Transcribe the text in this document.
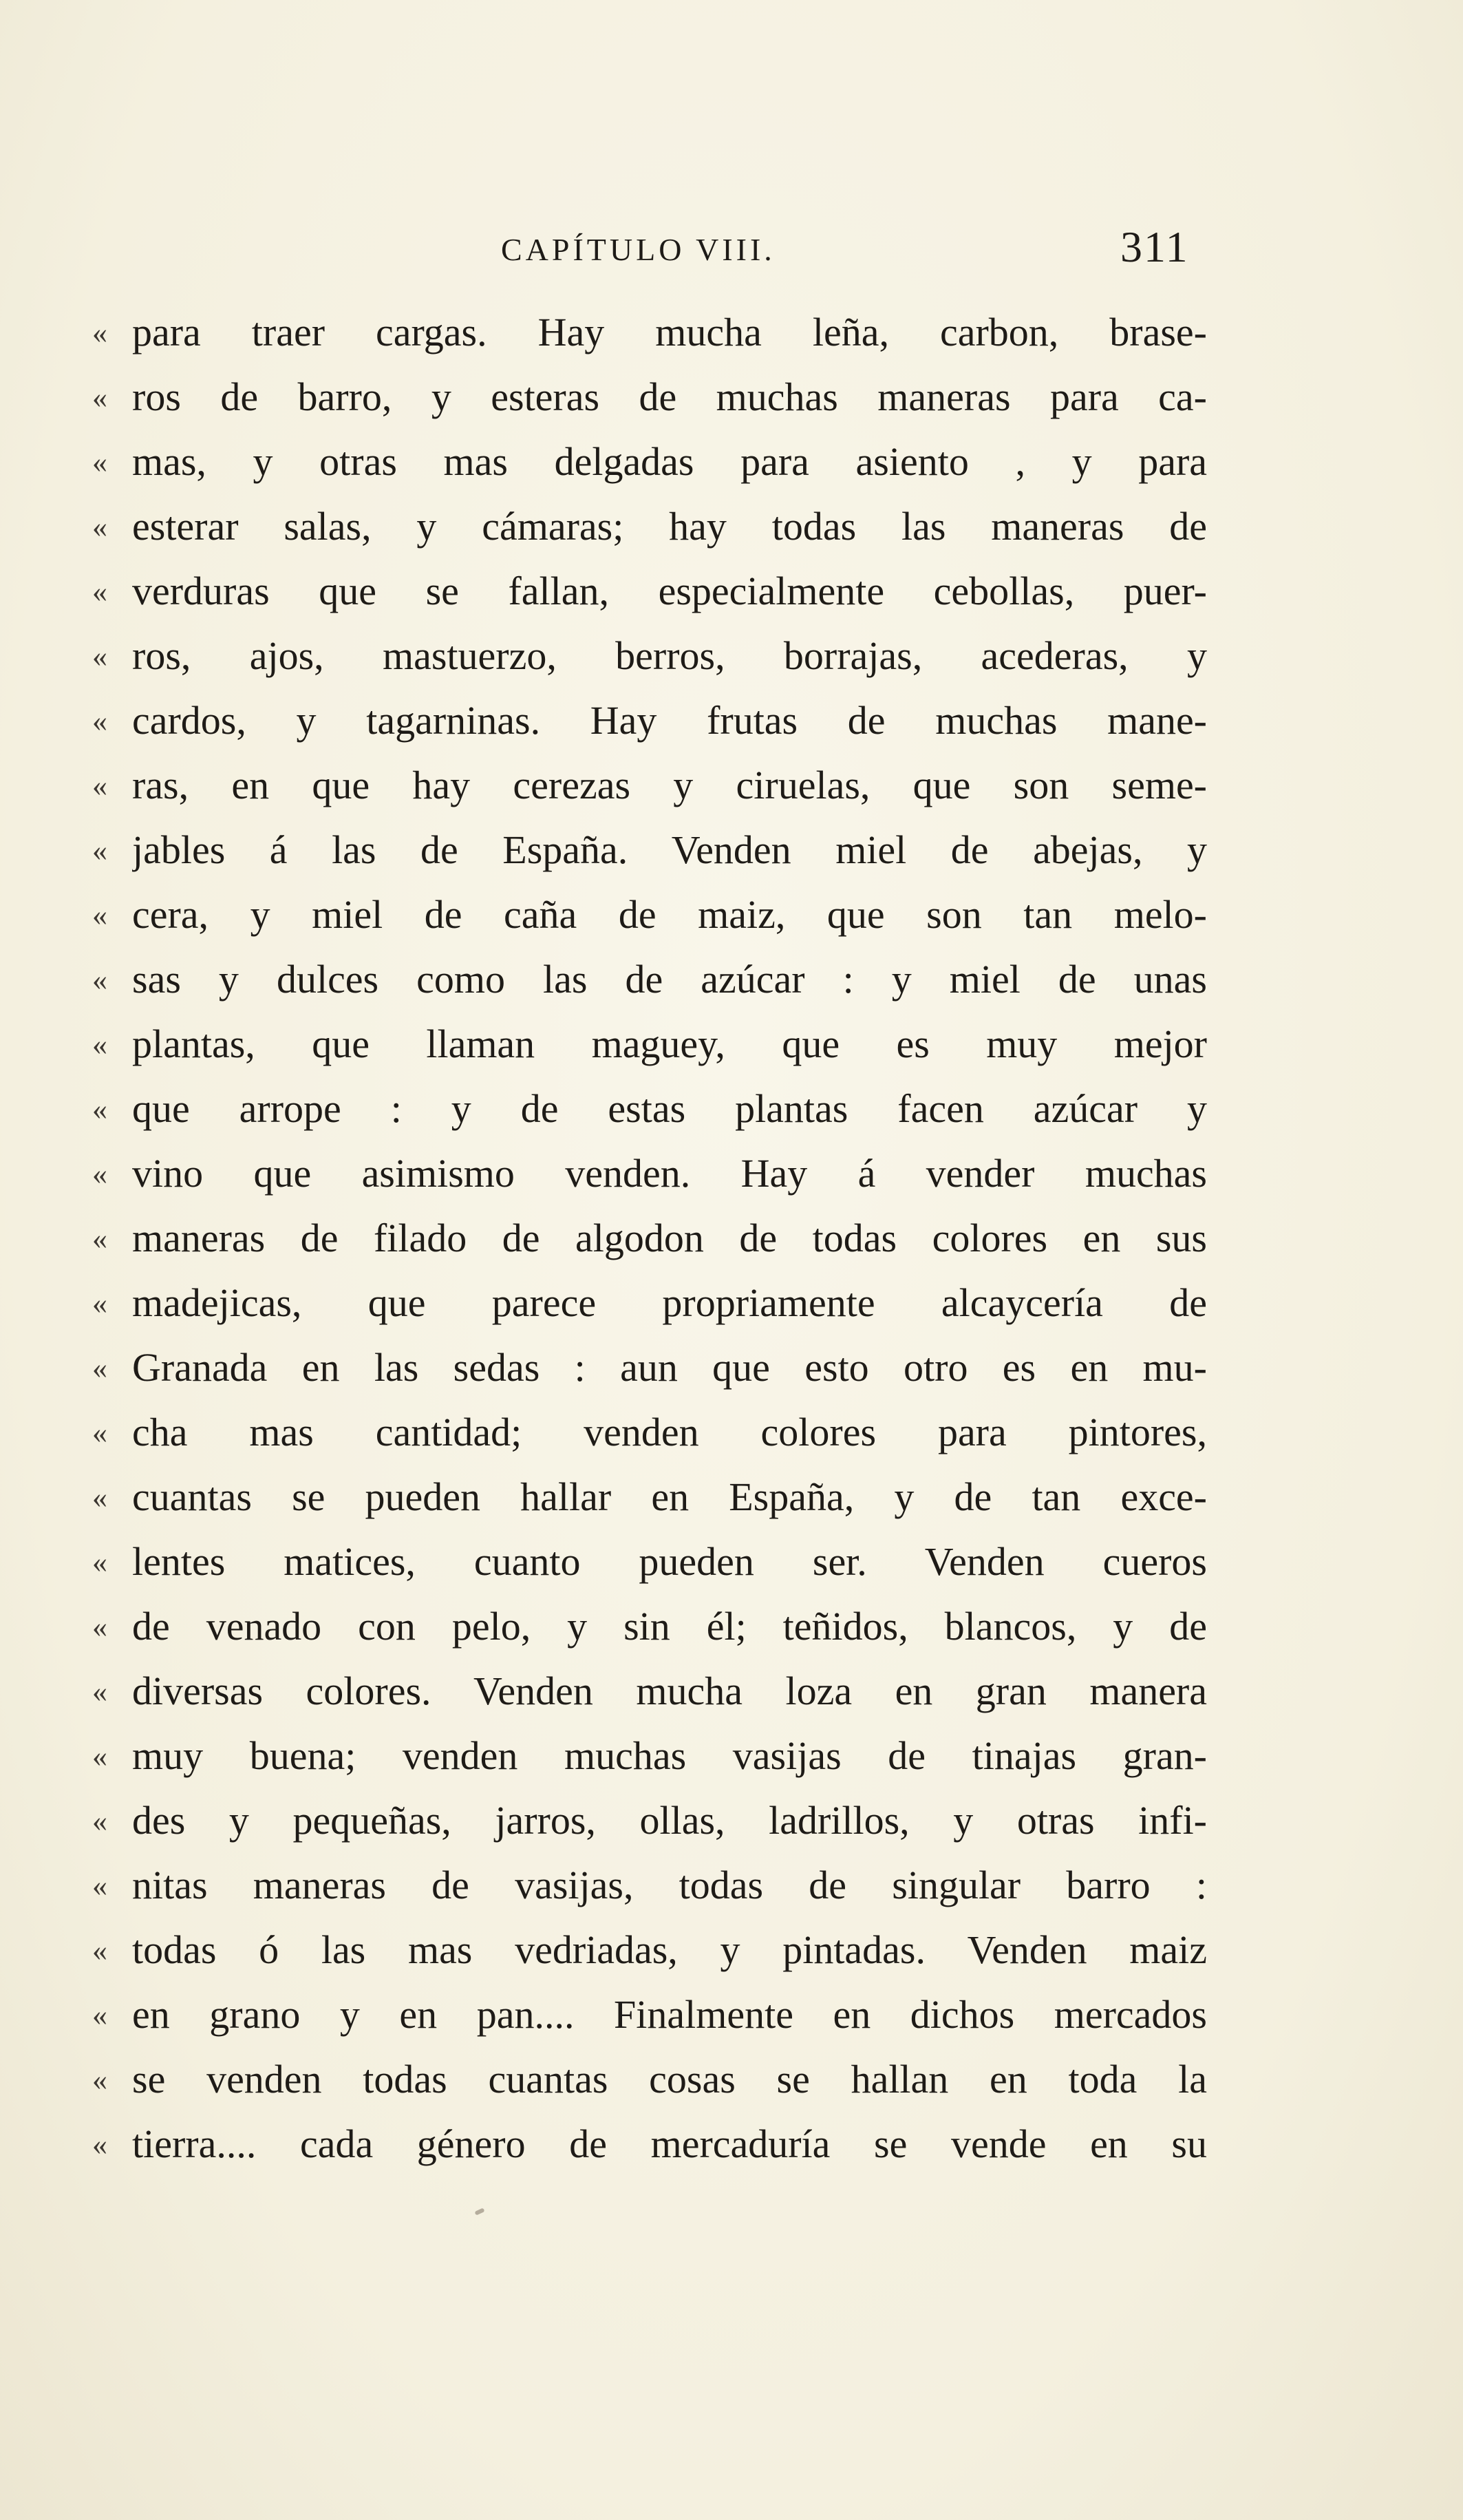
CAPÍTULO VIII.	311
« para traer cargas. Hay mucha leña, carbon, brase-
« ros de barro, y esteras de muchas maneras para ca-
« mas, y otras mas delgadas para asiento , y para
« esterar salas, y cámaras; hay todas las maneras de
« verduras que se fallan, especialmente cebollas, puer-
« ros, ajos, mastuerzo, berros, borrajas, acederas, y
« cardos, y tagarninas. Hay frutas de muchas mane-
« ras, en que hay cerezas y ciruelas, que son seme-
« jables á las de España. Venden miel de abejas, y
« cera, y miel de caña de maiz, que son tan melo-
« sas y dulces como las de azúcar : y miel de unas
« plantas, que llaman maguey, que es muy mejor
« que arrope : y de estas plantas facen azúcar y
« vino que asimismo venden. Hay á vender muchas
« maneras de filado de algodon de todas colores en sus
« madejicas, que parece propriamente alcaycería de
« Granada en las sedas : aun que esto otro es en mu-
« cha mas cantidad; venden colores para pintores,
« cuantas se pueden hallar en España, y de tan exce-
« lentes matices, cuanto pueden ser. Venden cueros
« de venado con pelo, y sin él; teñidos, blancos, y de
« diversas colores. Venden mucha loza en gran manera
« muy buena; venden muchas vasijas de tinajas gran-
« des y pequeñas, jarros, ollas, ladrillos, y otras infi-
« nitas maneras de vasijas, todas de singular barro :
« todas ó las mas vedriadas, y pintadas. Venden maiz
« en grano y en pan.... Finalmente en dichos mercados
« se venden todas cuantas cosas se hallan en toda la
« tierra.... cada género de mercaduría se vende en su
